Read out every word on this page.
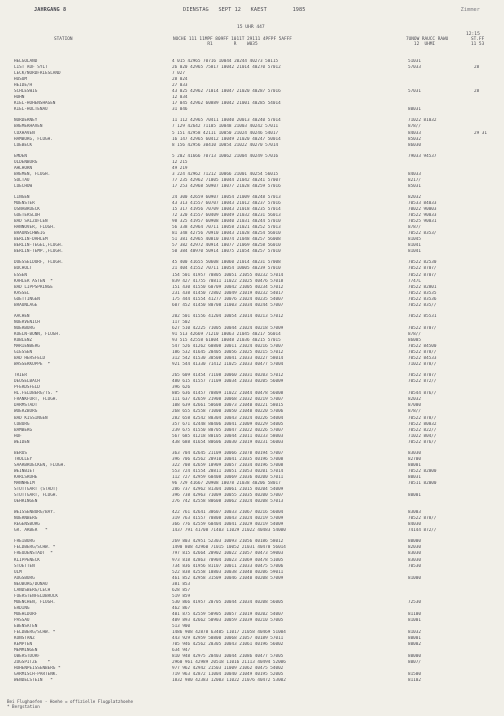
JAHRGANG 8	DIENSTAG   SEPT 12   KAEST        1985	Zimmer
15 UHR 447
12:15
STATION	NOCHE 111 11MPF 809FF 1011T 29111 4PFPF 5AFFF
R1        R    W035
7UNOW RAUCC RAWU
12  UHMI
ST.FF
11 53
HELGOLAND	4 015 42965 70716 10044 20244 40273 50115	51031
LIST AUF SYLT	26 020 42965 75817 10042 21014 40270 57012	57033	28
LECK/NORDFRIESLAND	7 027
HUSUM	28 024
HEIDE/H	27 033
SCHLESWIG	43 025 42962 71014 10047 21020 40287 57016	57031	28
HOHN	12 034
KIEL-HOHENSHAGEN	17 045 42962 60889 10042 21001 40285 54014
KIEL-HOLTENAU	31 046	80031
NORDERNEY	11 112 42965 70411 10040 20013 40240 57014	71022 81032
BREMERHAVEN	7 129 42642 71105 10048 21003 40242 57011	878//
CUXHAVEN	5 151 42958 42111 10050 21024 40246 54017	84033	29 31
HAMBURG, FLUGH.	16 147 42965 60412 10049 21020 40247 50014	85032
LUEBECK	8 156 42956 30410 10054 21022 40270 57014	86030
EMDEN	5 202 41666 70713 10062 21004 40249 57016	79033 94537
OLDENBURG	12 215
AHLHORN	49 219
BREMEN, FLUGH.	3 224 42962 71212 10066 21001 40254 56015	84033
SOLTAU	77 235 42962 71005 10044 21042 40241 57007	8217/
LUECHOW	17 253 42968 50907 10077 21028 40259 57016	85031
LINGEN	24 300 42659 60907 10054 21009 40248 57013	82032
MUENSTER	43 313 41557 60707 10043 21012 40237 57016	70533 84033
OSNABRUECK	15 317 41956 70709 10043 21018 40235 57014	70022 90003
GUETERSLOH	72 320 41557 60409 10049 21032 40231 56013	70522 90033
BAD SALZUFLEN	98 325 41957 60908 10040 21031 40244 57010	70525 90031
HANNOVER, FLUGH.	56 338 42964 70711 10058 21021 40252 57013	8787/
BRAUNSCHWEIG	81 348 42756 70910 10043 21028 40254 56010	70522 8353/
BERLIN-DAHLEM	51 381 42965 40810 10074 21048 40257 56008	81045
BERLIN-TEGEL,FLUGH.	57 382 42972 40914 10077 21069 40258 56010	81041
BERLIN-TEMP.,FLUGH.	50 384 40970 50914 10075 21054 40257 57010	81041
DUESSELDORF, FLUGH.	45 400 41655 50608 10060 21014 40231 57008	70522 82530
BOCHOLT	21 404 41552 70711 10054 10005 40239 57010	70522 8707/
ESSEN	154 501 41957 70805 10051 21055 40232 57014	70522 8707/
KAHLER ASTEN  *	839 427 41755 70811 11022 21025 40476 57018	7747L
BAD LIPPSPRINGE	151 430 41550 60709 10042 21005 40234 57012	70522 82801
KASSEL	231 438 41450 72802 10049 21019 40232 54017	70522 83535
GOETTINGEN	175 444 41554 41277 10076 21024 40235 54007	70522 83536
BRAUNLAGE	607 452 41450 80708 11003 21034 40244 57007	70522 835//
AACHEN	202 501 41556 41204 10054 21014 40213 57012	70522 85531
NOERVENICH	117 502
NUERBURG	627 510 42225 71005 10044 21024 40218 57009	70522 8707/
KOELN-BONN, FLUGH.	91 513 42669 71210 10063 21045 40217 56014	878//
KUBLENZ	93 515 42558 61004 10048 21036 40215 57015	86005
MARIENBERG	547 526 41262 60808 10011 21024 40216 57007	70522 84500
GIESSEN	186 532 41645 20405 10056 21025 40215 57012	70522 878//
BAD HERSFELD	312 542 41530 30508 10041 21033 40227 58014	70522 84533
WASSERKUPPE  *	921 544 41330 71412 11025 21033 40477 57004	71022 878//
TRIER	265 609 41454 71108 10060 21031 40203 57012	70522 8707/
DEUSELBACH	480 615 41557 71109 10034 21033 40205 56009	70522 872//
PFERDSFELD	396 626
HL.FELDBERG/TS. *	805 636 41457 70809 11022 21044 40478 56008	70544 876//
FRANKFURT, FLUGH.	111 637 42659 21908 10068 21032 40219 57007	82032
DARMSTADT	108 639 42661 50608 10073 21040 40221 58015	87000
WUERZBURG	268 655 42558 71000 10050 21040 40220 57006	878//
BAD KISSINGEN	282 658 42542 80304 10043 21024 40226 54004	70522 878//
COBURG	357 671 42448 80406 10041 21009 40229 54005	70522 80032
BAMBERG	239 675 41550 80705 10047 21022 40226 57007	70522 822//
HOF	567 685 41218 80105 10044 21011 40233 58003	71022 804//
WEIDEN	438 688 41654 80606 10030 21019 40231 56003	70522 876//
BERUS	363 704 42645 21109 10066 21078 40194 57007	83030
TROLLEY	396 706 42562 20910 10041 21035 40196 57008	82700
SAARBRUECKEN, FLUGH.	322 708 42659 10909 10057 21034 40196 57008	80001
WEINBIET	553 724 41554 20811 10051 21053 40201 57014	70522 82000
KARLSRUHE	112 727 42959 60408 10069 21036 40200 57011	80031
MANNHEIM	96 729 41667 20908 10078 21038 40206 58017	70511 82000
STUTTGART (STADT)	286 737 42962 81304 10061 21015 40204 54009
STUTTGART, FLUGH.	396 738 42963 71009 10055 21035 40200 57007	80001
OEHRINGEN	276 742 42558 80608 10062 21024 40208 57013
WEISSENBURG/BAY.	422 761 42641 30607 10033 21067 40216 56004	83003
NUERNBERG	319 763 41557 70808 10043 21024 40219 57009	70522 878//
REGENSBURG	366 776 42559 60404 10041 21029 40219 54009	84030
GR. ARBER   *	1437 791 41708 71403 11029 21022 40483 54000	74144 872//
FREIBURG	269 803 42951 52303 10093 21056 40186 58012	80000
FELDBERG/SCHW. *	1490 808 42960 71015 10052 21031 40470 56014	82030
FREUDENSTADT  *	797 815 42664 20902 10022 21057 40473 59003	83030
KLIPPENECK	973 818 42863 70904 10023 21069 40478 51005	83030
STOETTEN	734 836 41956 81107 10011 21033 40475 57006	70530
ULM	522 838 42558 10803 10038 21040 40206 59011
AUGSBURG	461 852 42958 31509 10046 21040 40208 57009	81000
NEUBURG/DONAU	381 853
LANDSBERG/LECH	628 857
FUERSTENFELDBRUCK	519 859
MUENCHEN, FLUGH.	530 866 41957 20705 10044 21034 40208 56005	72530
ERDING	462 867
MUEHLDORF	401 875 42559 50905 10057 21019 40202 54007	81100
PASSAU	409 893 42662 50903 10059 21039 40210 57005	81001
EBENSATEN	513 900
FELDBERG/SCHW. *	1486 908 42878 63405 11017 21058 40469 51004	81032
KONSTANZ	443 929 42959 50800 10068 21057 40189 57011	80001
KEMPTEN	705 946 42562 20305 10043 21061 40196 56002	80002
MEMMINGEN	634 947
OBERSTDORF	810 948 42975 20403 10044 21086 40477 57005	80000
ZUGSPITZE    *	2960 961 42989 20518 11016 21113 40494 52006	8007/
HOHENPEISSENBERG *	977 962 42942 21503 11009 21062 40475 54002
GARMISCH-PARTENK.	719 963 42872 11004 10040 21049 40195 52005	81500
WENDELSTEIN   *	1832 980 42383 12003 11022 21076 40472 53002	81102
Bei Flughaefen - Hoehe = offizielle Flugplatzhoehe
* Bergstation
